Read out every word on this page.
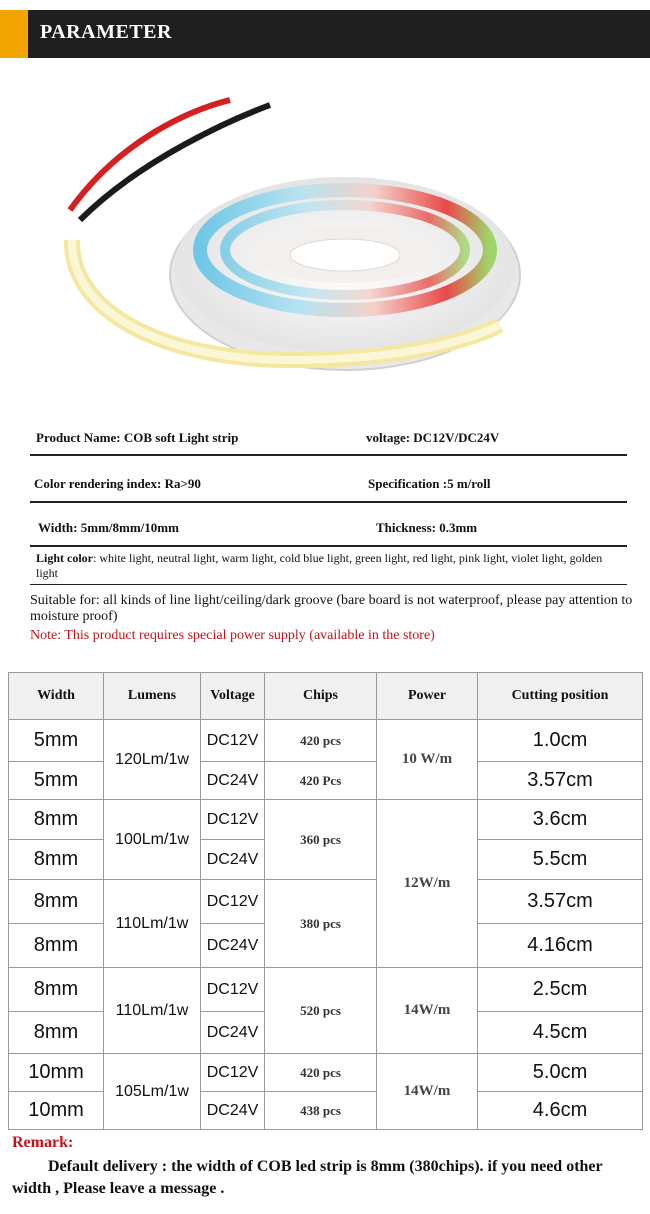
PARAMETER
Product Name: COB soft Light strip	voltage: DC12V/DC24V
Color rendering index: Ra>90	Specification :5 m/roll
Width: 5mm/8mm/10mm	Thickness: 0.3mm
Light color: white light, neutral light, warm light, cold blue light, green light, red light, pink light, violet light, golden light
Suitable for: all kinds of line light/ceiling/dark groove (bare board is not waterproof, please pay attention to moisture proof)
Note: This product requires special power supply (available in the store)
Width	Lumens	Voltage	Chips	Power	Cutting position
5mm	120Lm/1w	DC12V	420 pcs	10 W/m	1.0cm
5mm		DC24V	420 Pcs		3.57cm
8mm	100Lm/1w	DC12V	360 pcs	12W/m	3.6cm
8mm		DC24V			5.5cm
8mm	110Lm/1w	DC12V	380 pcs		3.57cm
8mm		DC24V			4.16cm
8mm	110Lm/1w	DC12V	520 pcs	14W/m	2.5cm
8mm		DC24V			4.5cm
10mm	105Lm/1w	DC12V	420 pcs	14W/m	5.0cm
10mm		DC24V	438 pcs		4.6cm
Remark:
Default delivery : the width of COB led strip is 8mm (380chips). if you need other width , Please leave a message .
